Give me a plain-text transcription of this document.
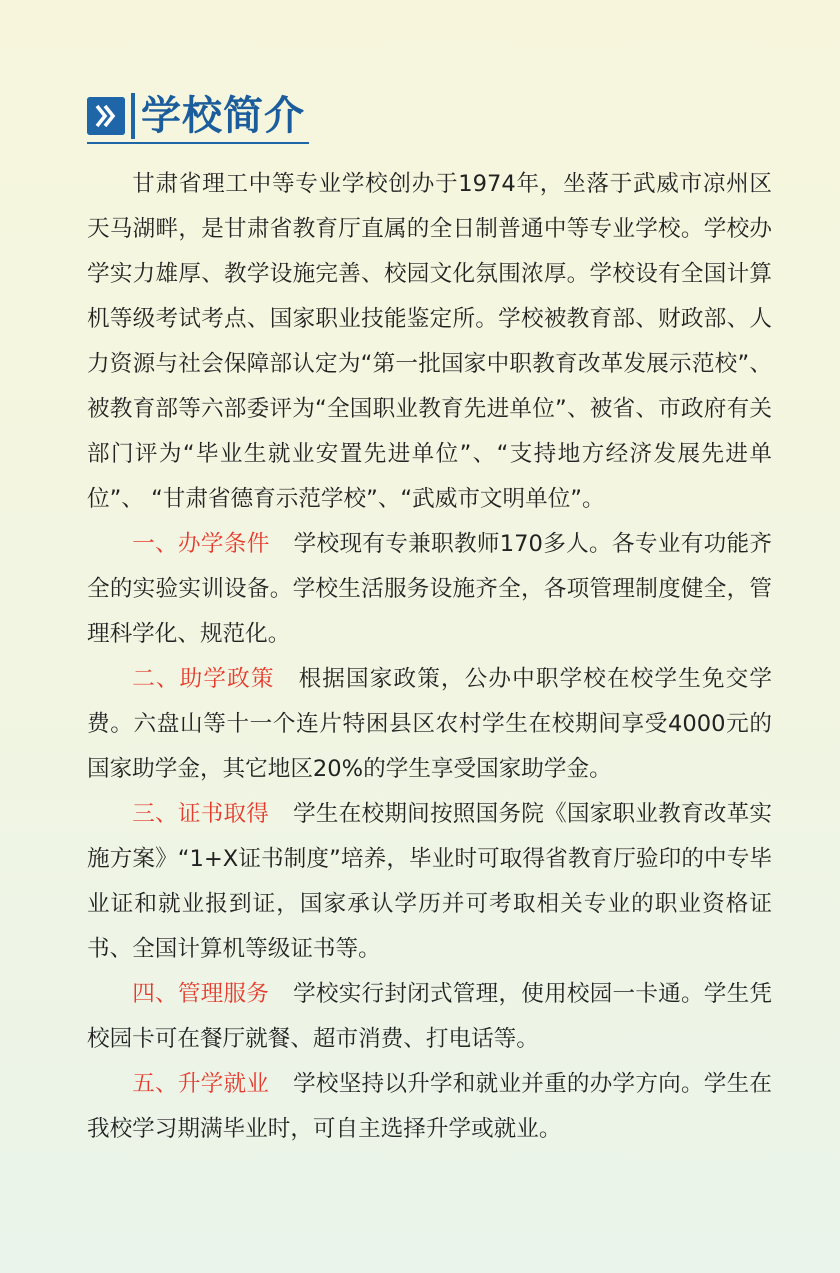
学校简介

甘肃省理工中等专业学校创办于1974年，坐落于武威市凉州区天马湖畔，是甘肃省教育厅直属的全日制普通中等专业学校。学校办学实力雄厚、教学设施完善、校园文化氛围浓厚。学校设有全国计算机等级考试考点、国家职业技能鉴定所。学校被教育部、财政部、人力资源与社会保障部认定为“第一批国家中职教育改革发展示范校”、 被教育部等六部委评为“全国职业教育先进单位”、被省、市政府有关部门评为“毕业生就业安置先进单位”、“支持地方经济发展先进单位”、 “甘肃省德育示范学校”、“武威市文明单位”。

一、办学条件 学校现有专兼职教师170多人。各专业有功能齐全的实验实训设备。学校生活服务设施齐全，各项管理制度健全，管理科学化、规范化。

二、助学政策 根据国家政策，公办中职学校在校学生免交学费。六盘山等十一个连片特困县区农村学生在校期间享受4000元的国家助学金，其它地区20%的学生享受国家助学金。

三、证书取得 学生在校期间按照国务院《国家职业教育改革实施方案》“1+X证书制度”培养，毕业时可取得省教育厅验印的中专毕业证和就业报到证，国家承认学历并可考取相关专业的职业资格证书、全国计算机等级证书等。

四、管理服务 学校实行封闭式管理，使用校园一卡通。学生凭校园卡可在餐厅就餐、超市消费、打电话等。

五、升学就业 学校坚持以升学和就业并重的办学方向。学生在我校学习期满毕业时，可自主选择升学或就业。
